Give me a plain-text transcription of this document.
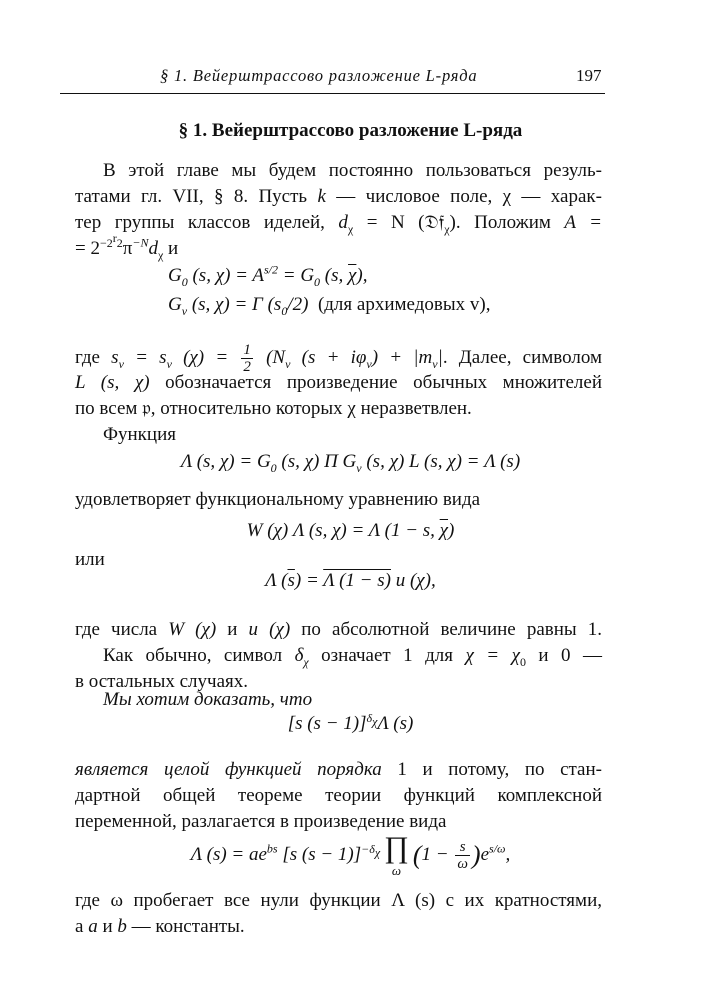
§ 1. Вейерштрассово разложение L-ряда	197
§ 1. Вейерштрассово разложение L-ряда
В этой главе мы будем постоянно пользоваться резуль-
татами гл. VII, § 8. Пусть k — числовое поле, χ — харак-
тер группы классов иделей, $d_\chi = N$ (𝔇𝔣$_\chi$). Положим A =
= $2^{-2^r2}\pi^{-N}d_\chi$ и
$G_0$ (s, $\chi) = A^{s/2} = G_0$ (s, $\overline{\chi}$),
$G_v$ (s, χ) = Γ $(s_0/2)$ (для архимедовых v),
где $s_v = s_v$ $(\chi) = \frac{1}{2} (N_v$ $(s + i\varphi_v) + |m_v|$. Далее, символом
L (s, χ) обозначается произведение обычных множителей
по всем 𝔭, относительно которых χ неразветвлен.
Функция
Λ (s, $\chi) = G_0$ (s, χ) Π $G_v$ (s, χ) L (s, χ) = Λ (s)
удовлетворяет функциональному уравнению вида
W (χ) Λ (s, χ) = Λ (1 − s, $\overline{\chi}$)
или
Λ $(\overline{s}) = \Lambda$ (1 − s) u (χ),
где числа W (χ) и u (χ) по абсолютной величине равны 1.
Как обычно, символ $\delta_\chi$ означает 1 для $\chi = \chi_0$ и 0 —
в остальных случаях.
Мы хотим доказать, что
[s (s − 1)]$^{\delta_\chi}$Λ (s)
является целой функцией порядка 1 и потому, по стан-
дартной общей теореме теории функций комплексной
переменной, разлагается в произведение вида
Λ $(s) = ae^{bs}$ [s (s − 1)]$^{-\delta_\chi}$ ∏
ω
$(1 - \frac{s}{\omega} )e^{s/\omega}$,
где ω пробегает все нули функции Λ (s) с их кратностями,
а a и b — константы.
